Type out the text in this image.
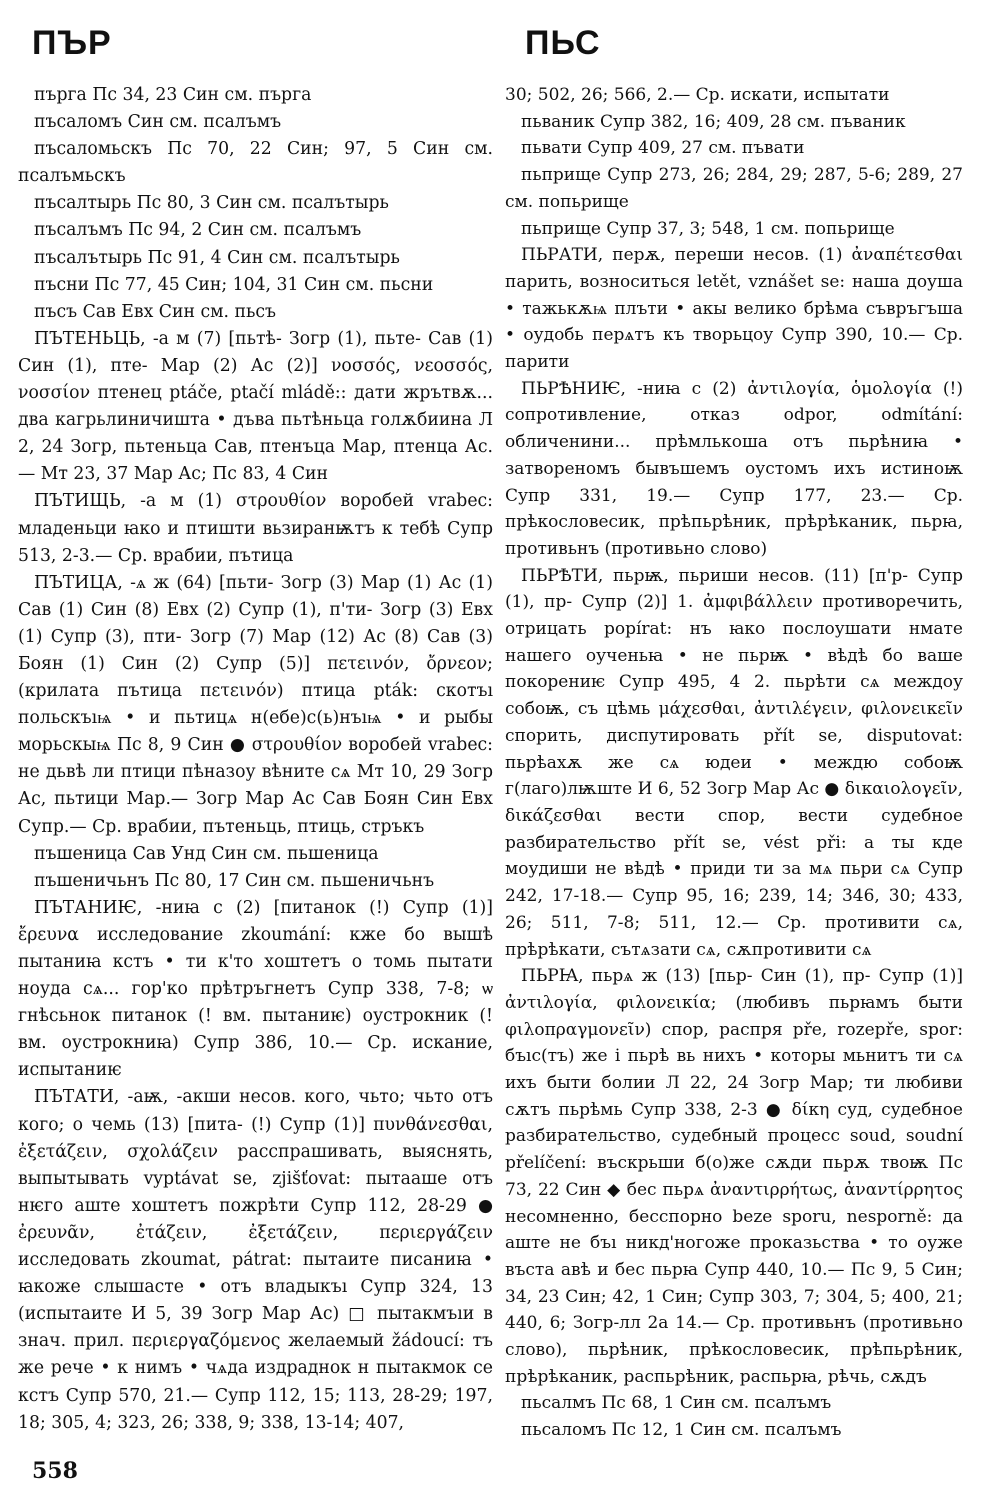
ПЪР	ПЬС

пърга Пс 34, 23 Син см. пърга

пъсаломъ Син см. псалъмъ

пъсаломьскъ Пс 70, 22 Син; 97, 5 Син см. псалъмьскъ

пъсалтырь Пс 80, 3 Син см. псалътырь

пъсалъмъ Пс 94, 2 Син см. псалъмъ

пъсалътырь Пс 91, 4 Син см. псалътырь

пъсни Пс 77, 45 Син; 104, 31 Син см. пьсни

пъсъ Сав Евх Син см. пьсъ

ПЪТЕНЬЦЬ, -а м (7) [пьтѣ- Зогр (1), пьте- Сав (1) Син (1), пте- Мар (2) Ас (2)] νοσσός, νεοσσός, νοσσίον птенец ptáče, ptačí mládě:: дати жрътвѫ... два кагрьлиничишта • дъва пьтѣньца голѫбиина Л 2, 24 Зогр, пьтеньца Сав, птенъца Мар, птенца Ас.— Мт 23, 37 Мар Ас; Пс 83, 4 Син

ПЪТИЩЬ, -а м (1) στρουθίον воробей vrabec: младеньци ꙗко и птишти вьзиранѭтъ к тебѣ Супр 513, 2-3.— Ср. врабии, пътица

ПЪТИЦА, -ѧ ж (64) [пьти- Зогр (3) Мар (1) Ас (1) Сав (1) Син (8) Евх (2) Супр (1), п'ти- Зогр (3) Евх (1) Супр (3), пти- Зогр (7) Мар (12) Ас (8) Сав (3) Боян (1) Син (2) Супр (5)] πετεινόν, ὄρνεον; (крилата пътица πετεινόν) птица pták: скотъı польскъıѩ • и пьтицѧ н(ебе)с(ь)нъıѩ • и рыбы морьскыѩ Пс 8, 9 Син ● στρουθίον воробей vrabec: не дьвѣ ли птици пѣназоу вѣните сѧ Мт 10, 29 Зогр Ас, пьтици Мар.— Зогр Мар Ас Сав Боян Син Евх Супр.— Ср. врабии, пътеньць, птиць, стръкъ

пъшеница Сав Унд Син см. пьшеница

пъшеничьнъ Пс 80, 17 Син см. пьшеничьнъ

ПЪТАНИѤ, -ниꙗ с (2) [питанок (!) Супр (1)] ἔρευνα исследование zkoumání: кже бо вышѣ пытаниꙗ кстъ • ти к'то хоштетъ о томь пытати ноуда сѧ... гор'ко прѣтръгнетъ Супр 338, 7-8; ѡ гнѣсьнок питанок (! вм. пытаниѥ) оустрокник (! вм. оустрокниꙗ) Супр 386, 10.— Ср. искание, испытаниѥ

ПЪТАТИ, -аѭ, -акши несов. кого, чьто; чьто отъ кого; о чемь (13) [пита- (!) Супр (1)] πυνθάνεσθαι, ἐξετάζειν, σχολάζειν расспрашивать, выяснять, выпытывать vyptávat se, zjišťovat: пытааше отъ нѥго аште хоштетъ пожрѣти Супр 112, 28-29 ● ἐρευνᾶν, ἐτάζειν, ἐξετάζειν, περιεργάζειν исследовать zkoumat, pátrat: пытаите писаниꙗ • ꙗкоже слышасте • отъ владыкъı Супр 324, 13 (испытаите И 5, 39 Зогр Мар Ас) □ пытакмъıи в знач. прил. περιεργαζόμενος желаемый žádoucí: тъ же рече • к нимъ • чѧда издраднок н пытакмок се кстъ Супр 570, 21.— Супр 112, 15; 113, 28-29; 197, 18; 305, 4; 323, 26; 338, 9; 338, 13-14; 407,

30; 502, 26; 566, 2.— Ср. искати, испытати

пьваник Супр 382, 16; 409, 28 см. пъваник

пьвати Супр 409, 27 см. пъвати

пьприще Супр 273, 26; 284, 29; 287, 5-6; 289, 27 см. попьрище

пьприще Супр 37, 3; 548, 1 см. попьрище

ПЬРАТИ, перѫ, переши несов. (1) ἀναπέτεσθαι парить, возноситься letět, vznášet se: наша доуша • тажькѫѩ плъти • акы велико брѣма съвръгъша • оудобь перѧтъ къ творьцоу Супр 390, 10.— Ср. парити

ПЬРѢНИѤ, -ниꙗ с (2) ἀντιλογία, ὁμολογία (!) сопротивление, отказ odpor, odmítání: обличенини... прѣмлькоша отъ пьрѣниꙗ • затвореномъ бывъшемъ оустомъ ихъ истиноѭ Супр 331, 19.— Супр 177, 23.— Ср. прѣкословесик, прѣпьрѣник, прѣрѣканик, пьрꙗ, противьнъ (противьно слово)

ПЬРѢТИ, пьрѭ, пьриши несов. (11) [п'р- Супр (1), пр- Супр (2)] 1. ἀμφιβάλλειν противоречить, отрицать popírat: нъ ꙗко послоушати нмате нашего оученьꙗ • не пьрѭ • вѣдѣ бо ваше покорениѥ Супр 495, 4 2. пьрѣти сѧ междоу собоѭ, съ цѣмь μάχεσθαι, ἀντιλέγειν, φιλονεικεῖν спорить, диспутировать přít se, disputovat: пьрѣахѫ же сѧ юдеи • междю собоѭ г(лаго)лѭште И 6, 52 Зогр Мар Ас ● δικαιολογεῖν, δικάζεσθαι вести спор, вести судебное разбирательство přít se, vést při: а ты кде моудиши не вѣдѣ • приди ти за мѧ пьри сѧ Супр 242, 17-18.— Супр 95, 16; 239, 14; 346, 30; 433, 26; 511, 7-8; 511, 12.— Ср. противити сѧ, прѣрѣкати, сътѧзати сѧ, сѫпротивити сѧ

ПЬРꙖ, пьрѧ ж (13) [пьр- Син (1), пр- Супр (1)] ἀντιλογία, φιλονεικία; (любивъ пьрꙗмъ быти φιλοπραγμονεῖν) спор, распря pře, rozepře, spor: бъıс(тъ) же і пьрѣ вь нихъ • которы мьнитъ ти сѧ ихъ быти болии Л 22, 24 Зогр Мар; ти любиви сѫтъ пьрѣмь Супр 338, 2-3 ● δίκη суд, судебное разбирательство, судебный процесс soud, soudní přelíčení: въскрьши б(о)же сѫди пьрѫ твоѭ Пс 73, 22 Син ◆ бес пьрѧ ἀναντιρρήτως, ἀναντίρρητος несомненно, бесспорно beze sporu, nesporně: да аште не бъı никд'ногоже проказьства • то оуже въста авѣ и бес пьрꙗ Супр 440, 10.— Пс 9, 5 Син; 34, 23 Син; 42, 1 Син; Супр 303, 7; 304, 5; 400, 21; 440, 6; Зогр-лл 2а 14.— Ср. противьнъ (противьно слово), пьрѣник, прѣкословесик, прѣпьрѣник, прѣрѣканик, распьрѣник, распьрꙗ, рѣчь, сѫдъ

пьсалмъ Пс 68, 1 Син см. псалъмъ

пьсаломъ Пс 12, 1 Син см. псалъмъ

558
